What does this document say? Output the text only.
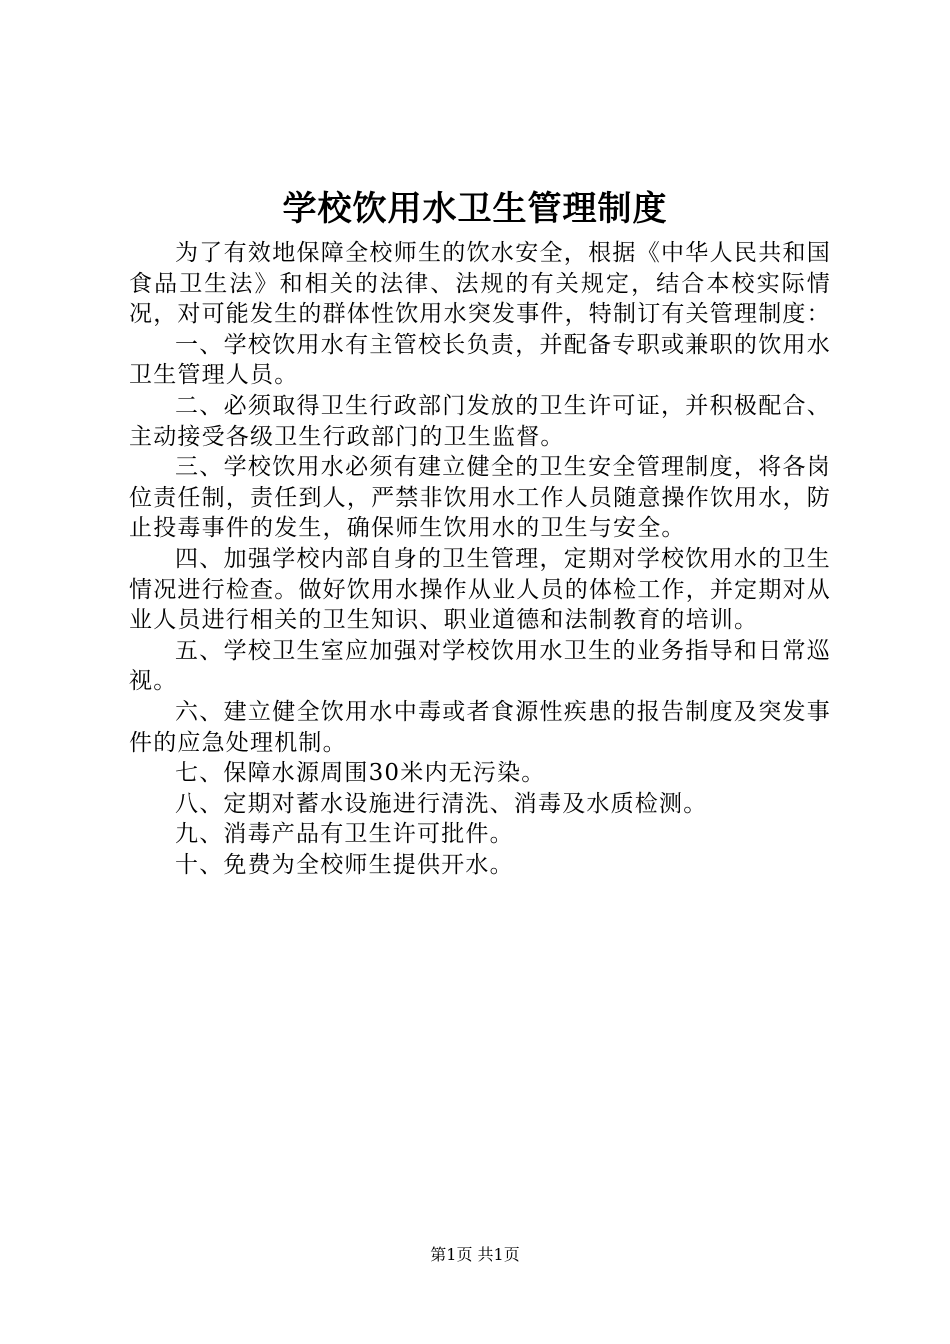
学校饮用水卫生管理制度

为了有效地保障全校师生的饮水安全，根据《中华人民共和国食品卫生法》和相关的法律、法规的有关规定，结合本校实际情况，对可能发生的群体性饮用水突发事件，特制订有关管理制度：

一、学校饮用水有主管校长负责，并配备专职或兼职的饮用水卫生管理人员。

二、必须取得卫生行政部门发放的卫生许可证，并积极配合、主动接受各级卫生行政部门的卫生监督。

三、学校饮用水必须有建立健全的卫生安全管理制度，将各岗位责任制，责任到人，严禁非饮用水工作人员随意操作饮用水，防止投毒事件的发生，确保师生饮用水的卫生与安全。

四、加强学校内部自身的卫生管理，定期对学校饮用水的卫生情况进行检查。做好饮用水操作从业人员的体检工作，并定期对从业人员进行相关的卫生知识、职业道德和法制教育的培训。

五、学校卫生室应加强对学校饮用水卫生的业务指导和日常巡视。

六、建立健全饮用水中毒或者食源性疾患的报告制度及突发事件的应急处理机制。

七、保障水源周围30米内无污染。

八、定期对蓄水设施进行清洗、消毒及水质检测。

九、消毒产品有卫生许可批件。

十、免费为全校师生提供开水。

第1页 共1页
